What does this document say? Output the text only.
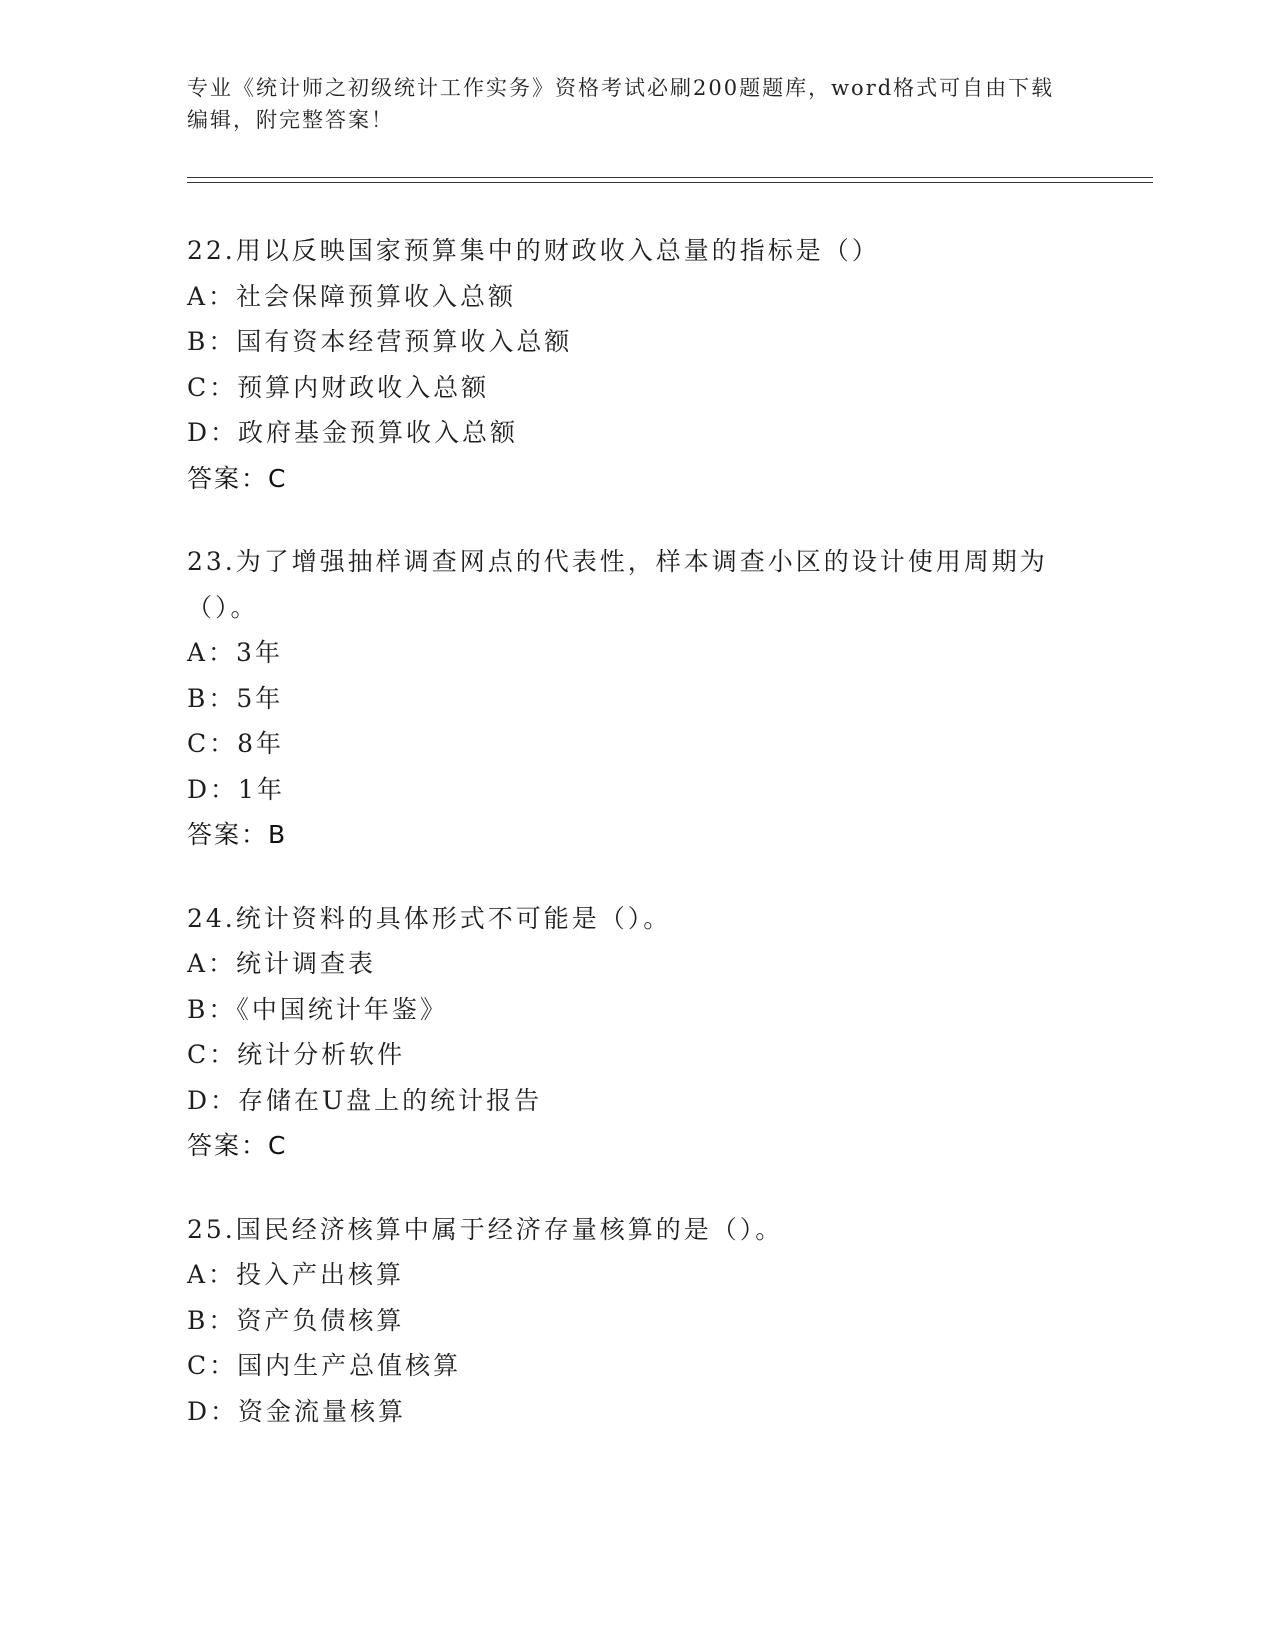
专业《统计师之初级统计工作实务》资格考试必刷200题题库，word格式可自由下载编辑，附完整答案！
22.用以反映国家预算集中的财政收入总量的指标是（）
A：社会保障预算收入总额
B：国有资本经营预算收入总额
C：预算内财政收入总额
D：政府基金预算收入总额
答案：C
23.为了增强抽样调查网点的代表性，样本调查小区的设计使用周期为（）。
A：3年
B：5年
C：8年
D：1年
答案：B
24.统计资料的具体形式不可能是（）。
A：统计调查表
B：《中国统计年鉴》
C：统计分析软件
D：存储在U盘上的统计报告
答案：C
25.国民经济核算中属于经济存量核算的是（）。
A：投入产出核算
B：资产负债核算
C：国内生产总值核算
D：资金流量核算
